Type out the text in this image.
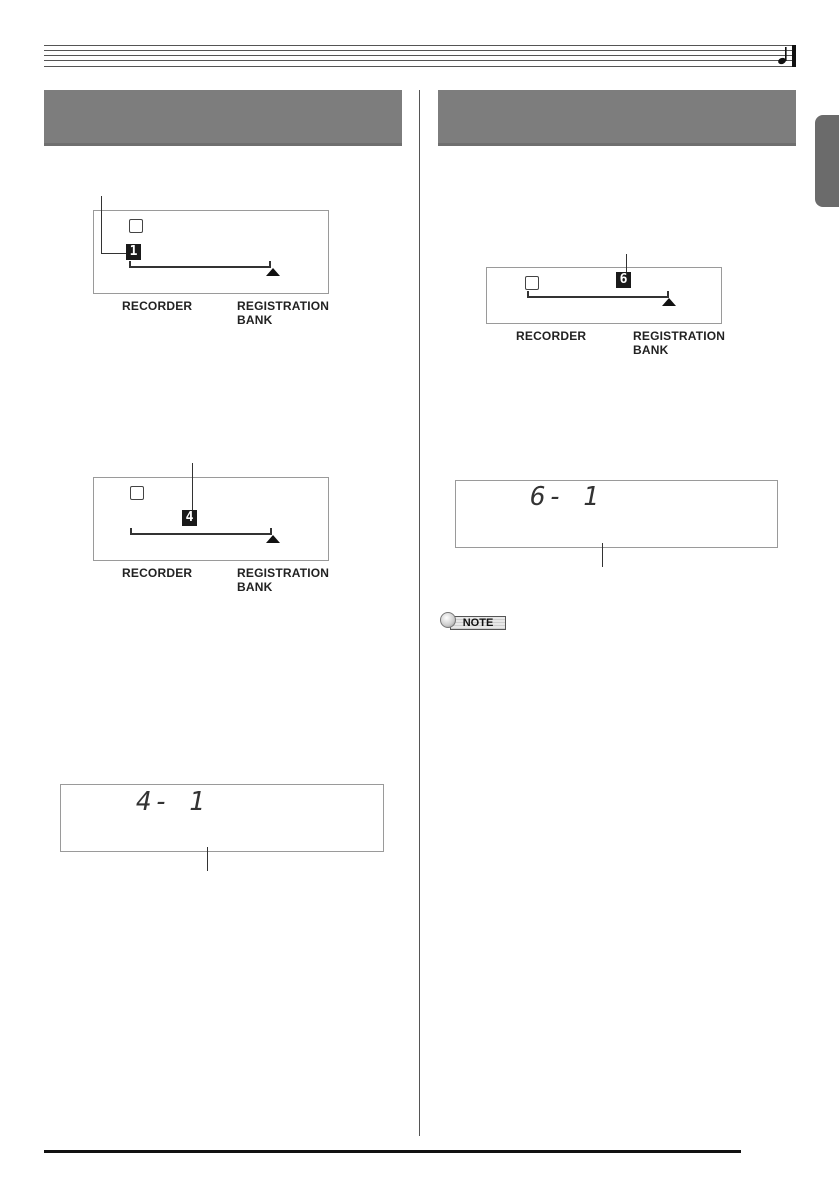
1
RECORDER	REGISTRATION
BANK
4
RECORDER	REGISTRATION
BANK
4- 1
6
RECORDER	REGISTRATION
BANK
6- 1
NOTE
